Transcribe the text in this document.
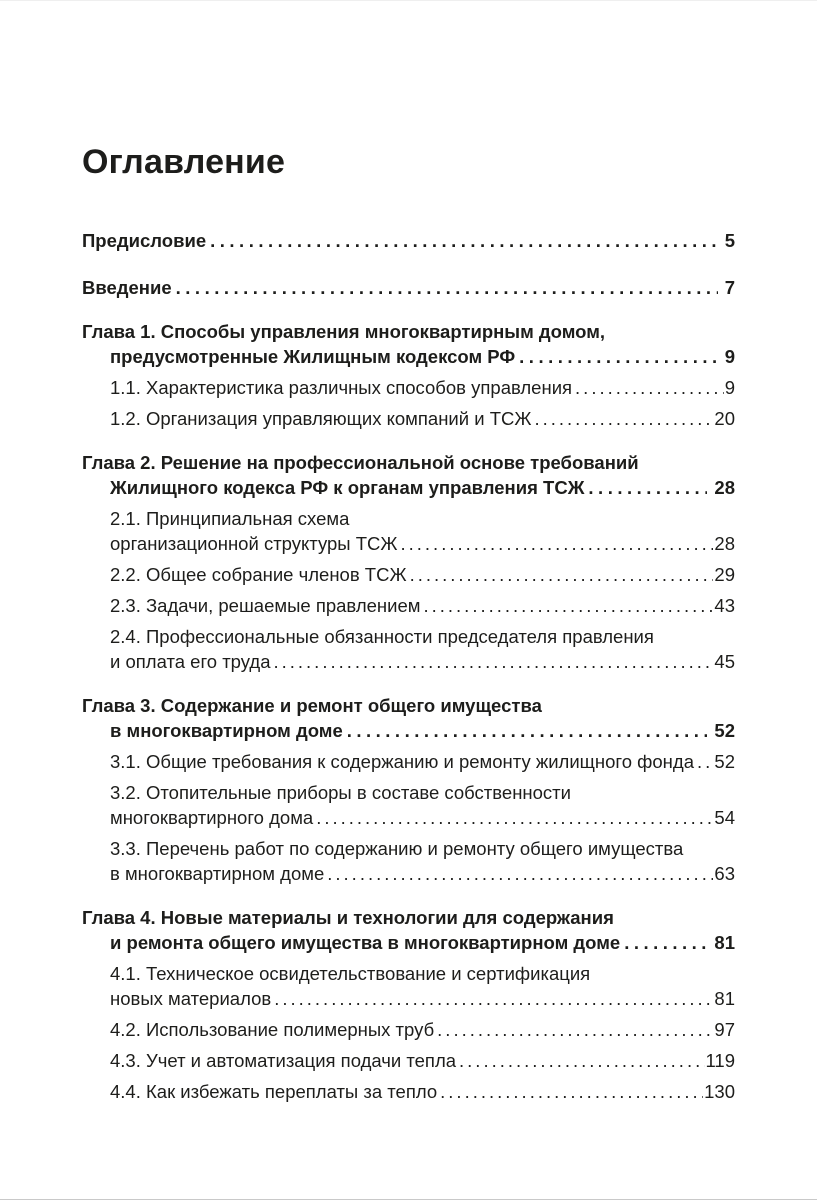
Оглавление
Предисловие .....	5
Введение .....	7
Глава 1. Способы управления многоквартирным домом,
предусмотренные Жилищным кодексом РФ .....	9
1.1. Характеристика различных способов управления .....	9
1.2. Организация управляющих компаний и ТСЖ .....	20
Глава 2. Решение на профессиональной основе требований
Жилищного кодекса РФ к органам управления ТСЖ .....	28
2.1. Принципиальная схема
организационной структуры ТСЖ .....	28
2.2. Общее собрание членов ТСЖ .....	29
2.3. Задачи, решаемые правлением .....	43
2.4. Профессиональные обязанности председателя правления
и оплата его труда .....	45
Глава 3. Содержание и ремонт общего имущества
в многоквартирном доме .....	52
3.1. Общие требования к содержанию и ремонту жилищного фонда ..... 52
3.2. Отопительные приборы в составе собственности
многоквартирного дома .....	54
3.3. Перечень работ по содержанию и ремонту общего имущества
в многоквартирном доме .....	63
Глава 4. Новые материалы и технологии для содержания
и ремонта общего имущества в многоквартирном доме .....	81
4.1. Техническое освидетельствование и сертификация
новых материалов .....	81
4.2. Использование полимерных труб .....	97
4.3. Учет и автоматизация подачи тепла .....	119
4.4. Как избежать переплаты за тепло .....	130
